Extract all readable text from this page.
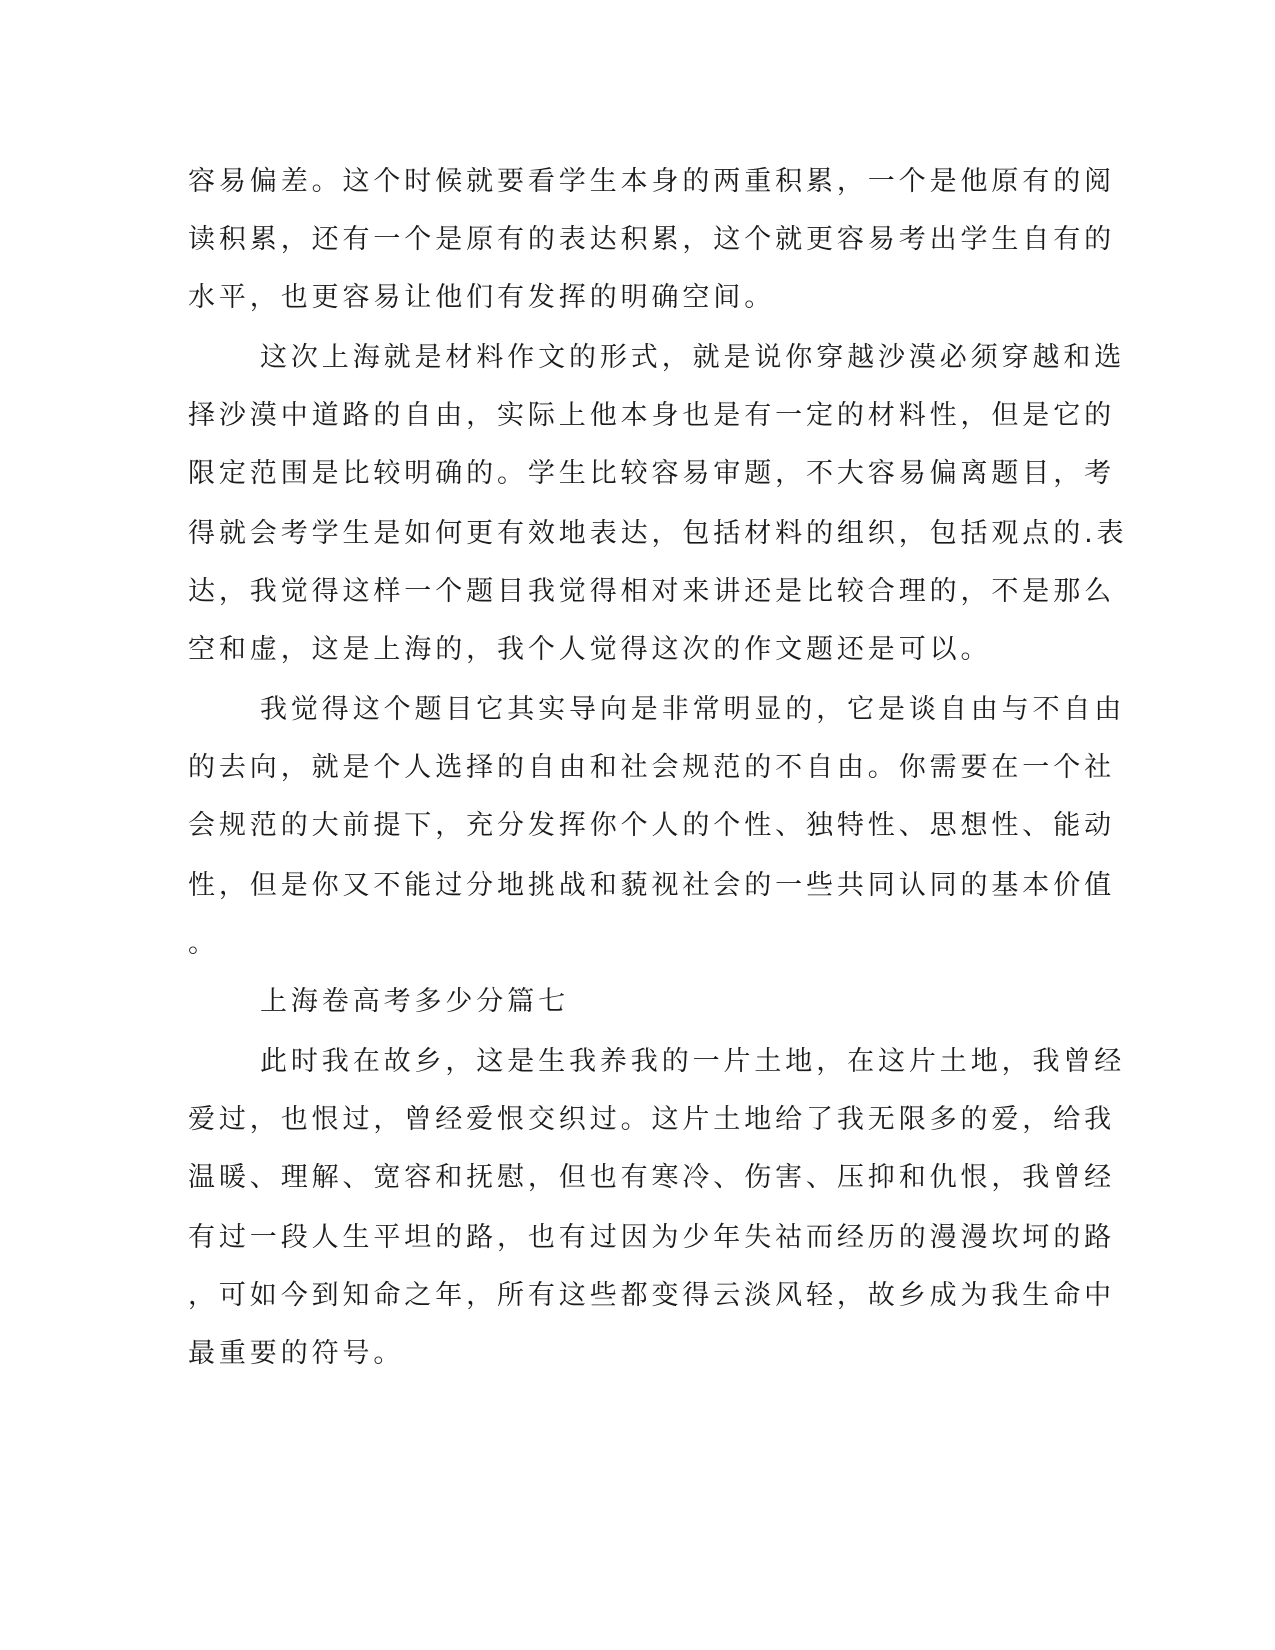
容易偏差。这个时候就要看学生本身的两重积累，一个是他原有的阅
读积累，还有一个是原有的表达积累，这个就更容易考出学生自有的
水平，也更容易让他们有发挥的明确空间。
这次上海就是材料作文的形式，就是说你穿越沙漠必须穿越和选
择沙漠中道路的自由，实际上他本身也是有一定的材料性，但是它的
限定范围是比较明确的。学生比较容易审题，不大容易偏离题目，考
得就会考学生是如何更有效地表达，包括材料的组织，包括观点的.表
达，我觉得这样一个题目我觉得相对来讲还是比较合理的，不是那么
空和虚，这是上海的，我个人觉得这次的作文题还是可以。
我觉得这个题目它其实导向是非常明显的，它是谈自由与不自由
的去向，就是个人选择的自由和社会规范的不自由。你需要在一个社
会规范的大前提下，充分发挥你个人的个性、独特性、思想性、能动
性，但是你又不能过分地挑战和藐视社会的一些共同认同的基本价值
。
上海卷高考多少分篇七
此时我在故乡，这是生我养我的一片土地，在这片土地，我曾经
爱过，也恨过，曾经爱恨交织过。这片土地给了我无限多的爱，给我
温暖、理解、宽容和抚慰，但也有寒冷、伤害、压抑和仇恨，我曾经
有过一段人生平坦的路，也有过因为少年失祜而经历的漫漫坎坷的路
，可如今到知命之年，所有这些都变得云淡风轻，故乡成为我生命中
最重要的符号。
